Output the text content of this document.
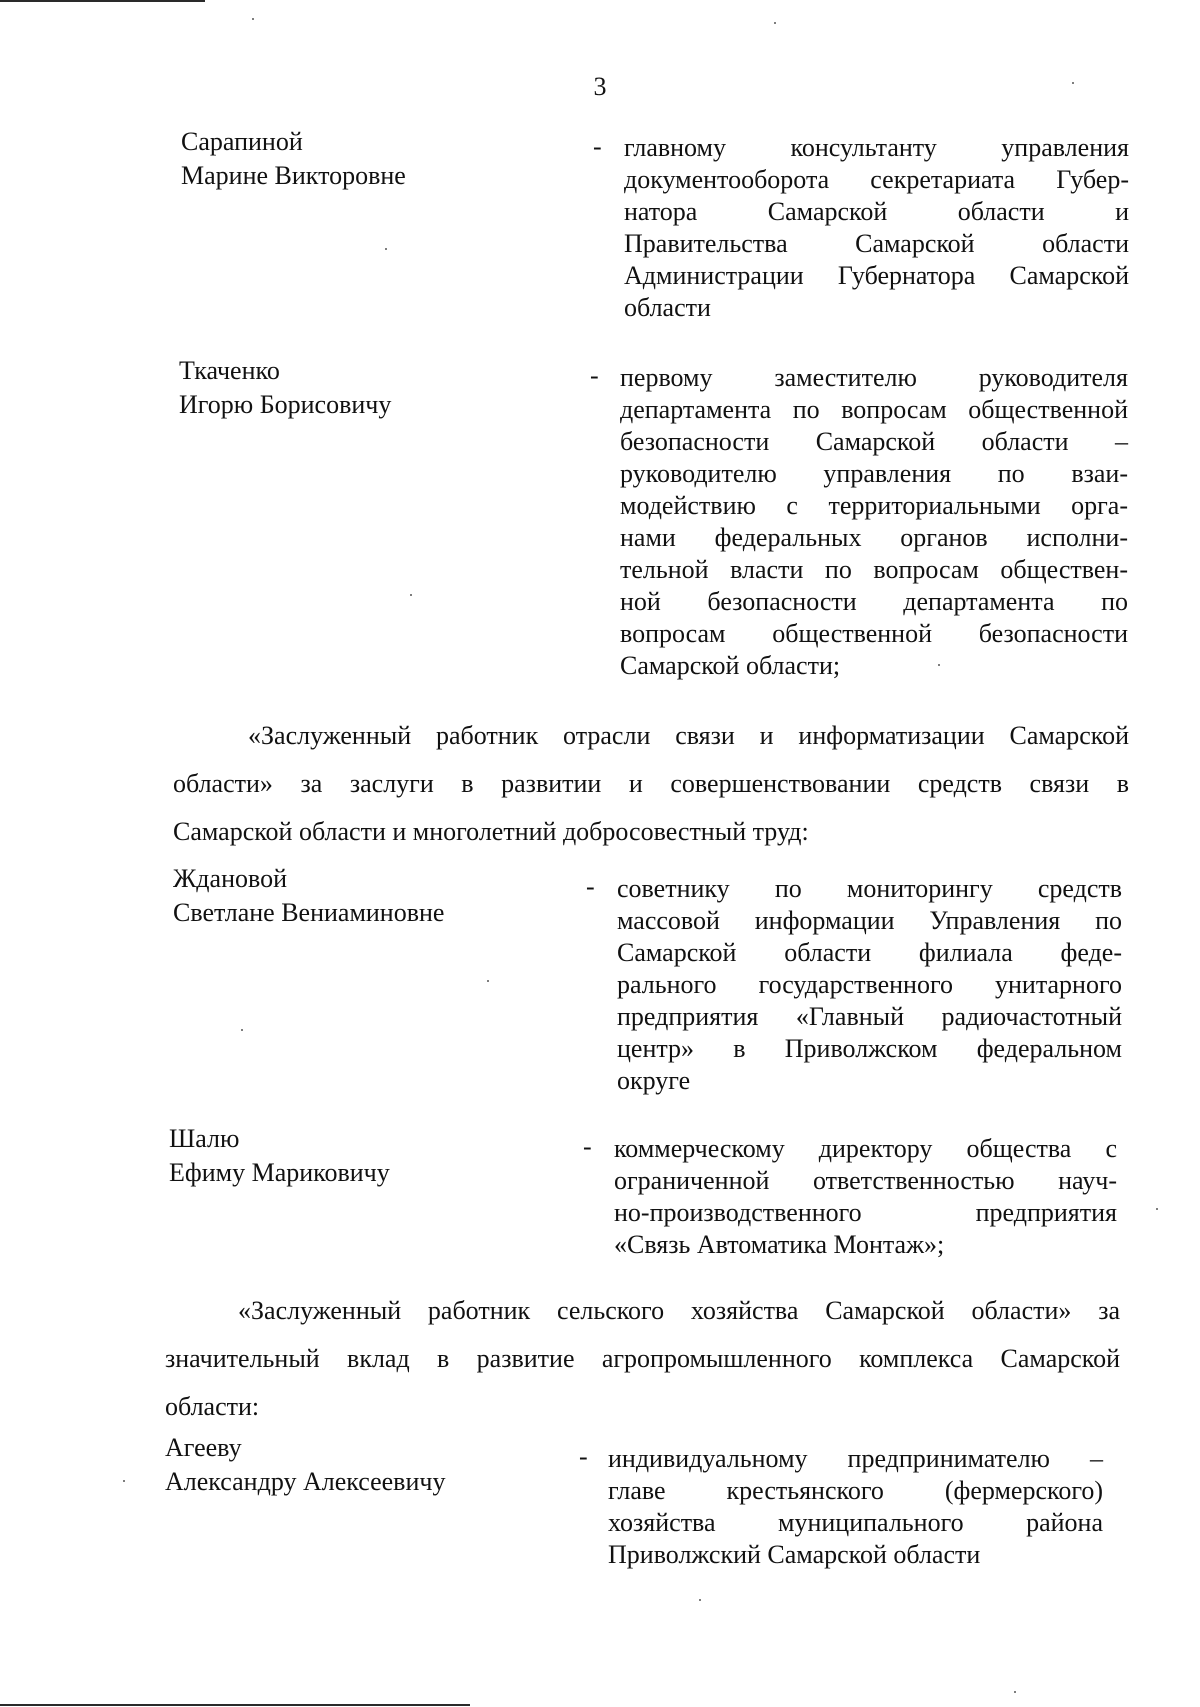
3
Сарапиной
Марине Викторовне
- главному консультанту управления
документооборота секретариата Губер-
натора Самарской области и
Правительства Самарской области
Администрации Губернатора Самарской
области
Ткаченко
Игорю Борисовичу
- первому заместителю руководителя
департамента по вопросам общественной
безопасности Самарской области –
руководителю управления по взаи-
модействию с территориальными орга-
нами федеральных органов исполни-
тельной власти по вопросам обществен-
ной безопасности департамента по
вопросам общественной безопасности
Самарской области;
«Заслуженный работник отрасли связи и информатизации Самарской
области» за заслуги в развитии и совершенствовании средств связи в
Самарской области и многолетний добросовестный труд:
Ждановой
Светлане Вениаминовне
- советнику по мониторингу средств
массовой информации Управления по
Самарской области филиала феде-
рального государственного унитарного
предприятия «Главный радиочастотный
центр» в Приволжском федеральном
округе
Шалю
Ефиму Мариковичу
- коммерческому директору общества с
ограниченной ответственностью науч-
но-производственного предприятия
«Связь Автоматика Монтаж»;
«Заслуженный работник сельского хозяйства Самарской области» за
значительный вклад в развитие агропромышленного комплекса Самарской
области:
Агееву
Александру Алексеевичу
- индивидуальному предпринимателю –
главе крестьянского (фермерского)
хозяйства муниципального района
Приволжский Самарской области
